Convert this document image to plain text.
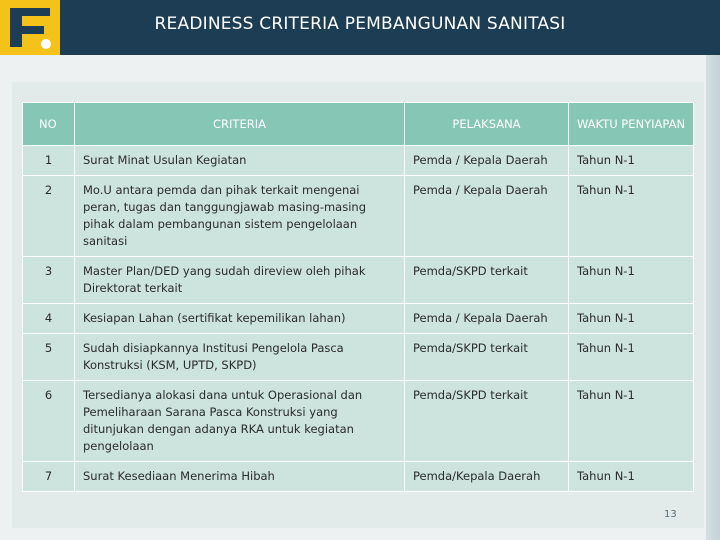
READINESS CRITERIA PEMBANGUNAN SANITASI
NO	CRITERIA	PELAKSANA	WAKTU PENYIAPAN
1	Surat Minat Usulan Kegiatan	Pemda / Kepala Daerah	Tahun N-1
2	Mo.U antara pemda dan pihak terkait mengenai peran, tugas dan tanggungjawab masing-masing pihak dalam pembangunan sistem pengelolaan sanitasi	Pemda / Kepala Daerah	Tahun N-1
3	Master Plan/DED yang sudah direview oleh pihak Direktorat terkait	Pemda/SKPD terkait	Tahun N-1
4	Kesiapan Lahan (sertifikat kepemilikan lahan)	Pemda / Kepala Daerah	Tahun N-1
5	Sudah disiapkannya Institusi Pengelola Pasca Konstruksi (KSM, UPTD, SKPD)	Pemda/SKPD terkait	Tahun N-1
6	Tersedianya alokasi dana untuk Operasional dan Pemeliharaan Sarana Pasca Konstruksi yang ditunjukan dengan adanya RKA untuk kegiatan pengelolaan	Pemda/SKPD terkait	Tahun N-1
7	Surat Kesediaan Menerima Hibah	Pemda/Kepala Daerah	Tahun N-1
13
